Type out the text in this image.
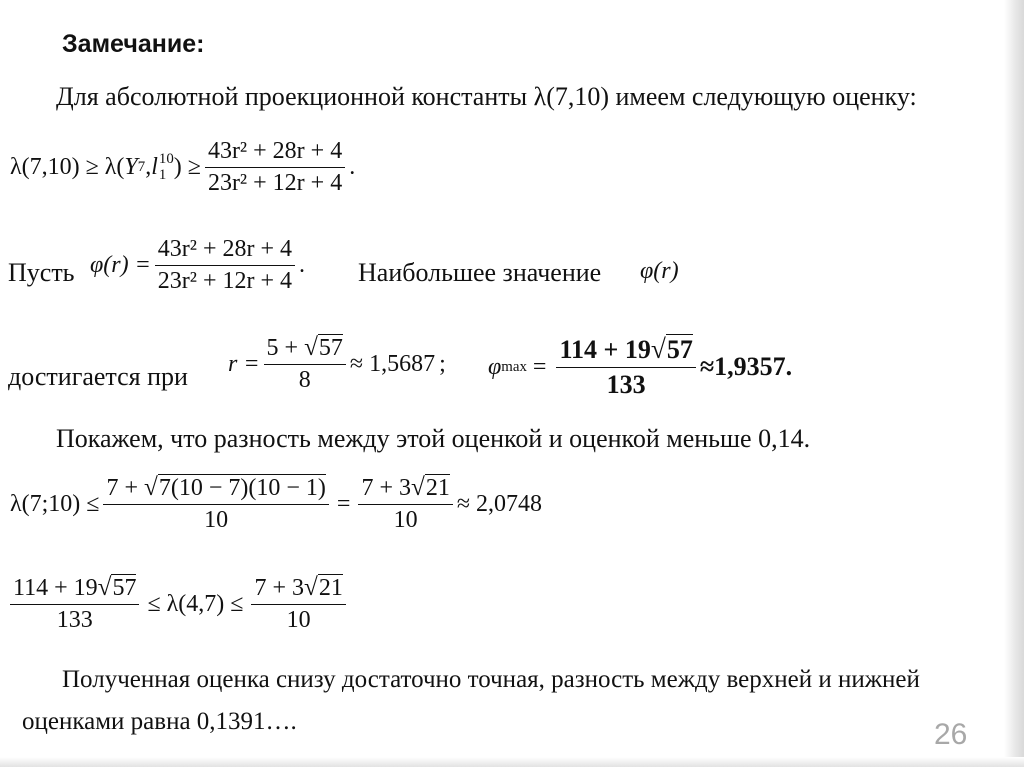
Замечание:
Для абсолютной проекционной константы λ(7,10) имеем следующую оценку:
λ(7,10) ≥ λ( Y 7 , l 10
1 ) ≥ $\frac{\text{43r² + 28r + 4}}{\text{23r² + 12r + 4}}$ .
Пусть $\varphi(r) = \frac{\text{43r² + 28r + 4}}{\text{23r² + 12r + 4}}$ . Наибольшее значение φ(r)
достигается при $r = \frac{5 + √57}{8} \approx 1,5687$ ; φ $\max = \frac{114 + 19√57}{133} \approx 1,9357$.
Покажем, что разность между этой оценкой и оценкой меньше 0,14.
λ(7;10) ≤ $\frac{7 + √7(10 - 7)(10 - 1)}{10} = \frac{7 + 3√21}{10} \approx 2,0748$
$\frac{114 + 19√57}{133} \le \lambda(4,7) \le \frac{7 + 3√21}{10}$
Полученная оценка снизу достаточно точная, разность между верхней и нижней
оценками равна 0,1391….	26
